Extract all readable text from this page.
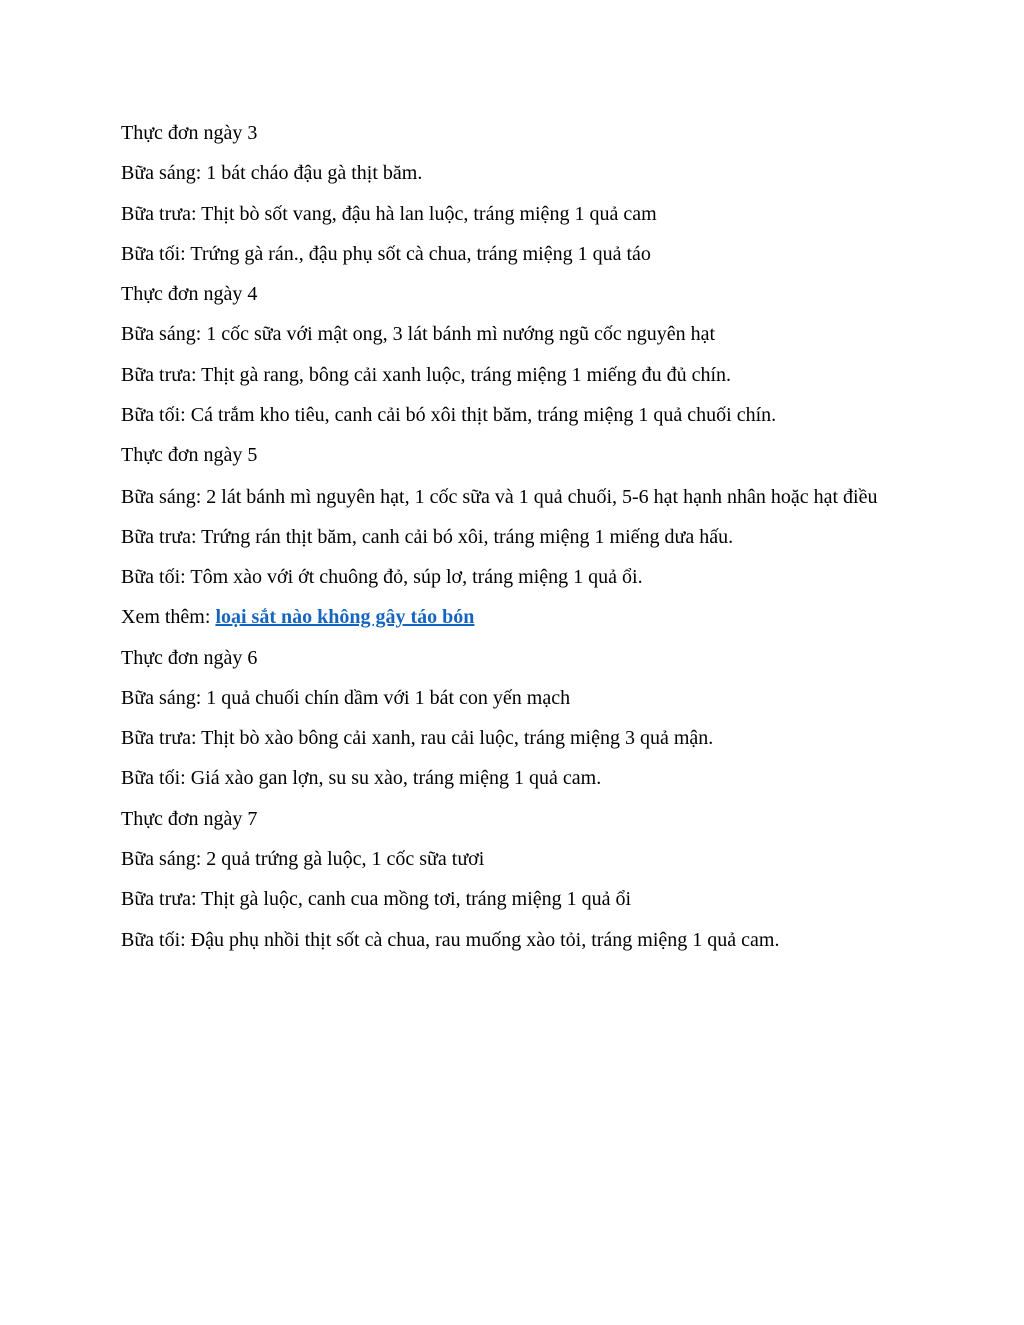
Thực đơn ngày 3

Bữa sáng: 1 bát cháo đậu gà thịt băm.

Bữa trưa: Thịt bò sốt vang, đậu hà lan luộc, tráng miệng 1 quả cam

Bữa tối: Trứng gà rán., đậu phụ sốt cà chua, tráng miệng 1 quả táo

Thực đơn ngày 4

Bữa sáng: 1 cốc sữa với mật ong, 3 lát bánh mì nướng ngũ cốc nguyên hạt

Bữa trưa: Thịt gà rang, bông cải xanh luộc, tráng miệng 1 miếng đu đủ chín.

Bữa tối: Cá trắm kho tiêu, canh cải bó xôi thịt băm, tráng miệng 1 quả chuối chín.

Thực đơn ngày 5

Bữa sáng: 2 lát bánh mì nguyên hạt, 1 cốc sữa và 1 quả chuối, 5-6 hạt hạnh nhân hoặc hạt điều

Bữa trưa: Trứng rán thịt băm, canh cải bó xôi, tráng miệng 1 miếng dưa hấu.

Bữa tối: Tôm xào với ớt chuông đỏ, súp lơ, tráng miệng 1 quả ổi.

Xem thêm: loại sắt nào không gây táo bón

Thực đơn ngày 6

Bữa sáng: 1 quả chuối chín dầm với 1 bát con yến mạch

Bữa trưa: Thịt bò xào bông cải xanh, rau cải luộc, tráng miệng 3 quả mận.

Bữa tối: Giá xào gan lợn, su su xào, tráng miệng 1 quả cam.

Thực đơn ngày 7

Bữa sáng: 2 quả trứng gà luộc, 1 cốc sữa tươi

Bữa trưa: Thịt gà luộc, canh cua mồng tơi, tráng miệng 1 quả ổi

Bữa tối: Đậu phụ nhồi thịt sốt cà chua, rau muống xào tỏi, tráng miệng 1 quả cam.
